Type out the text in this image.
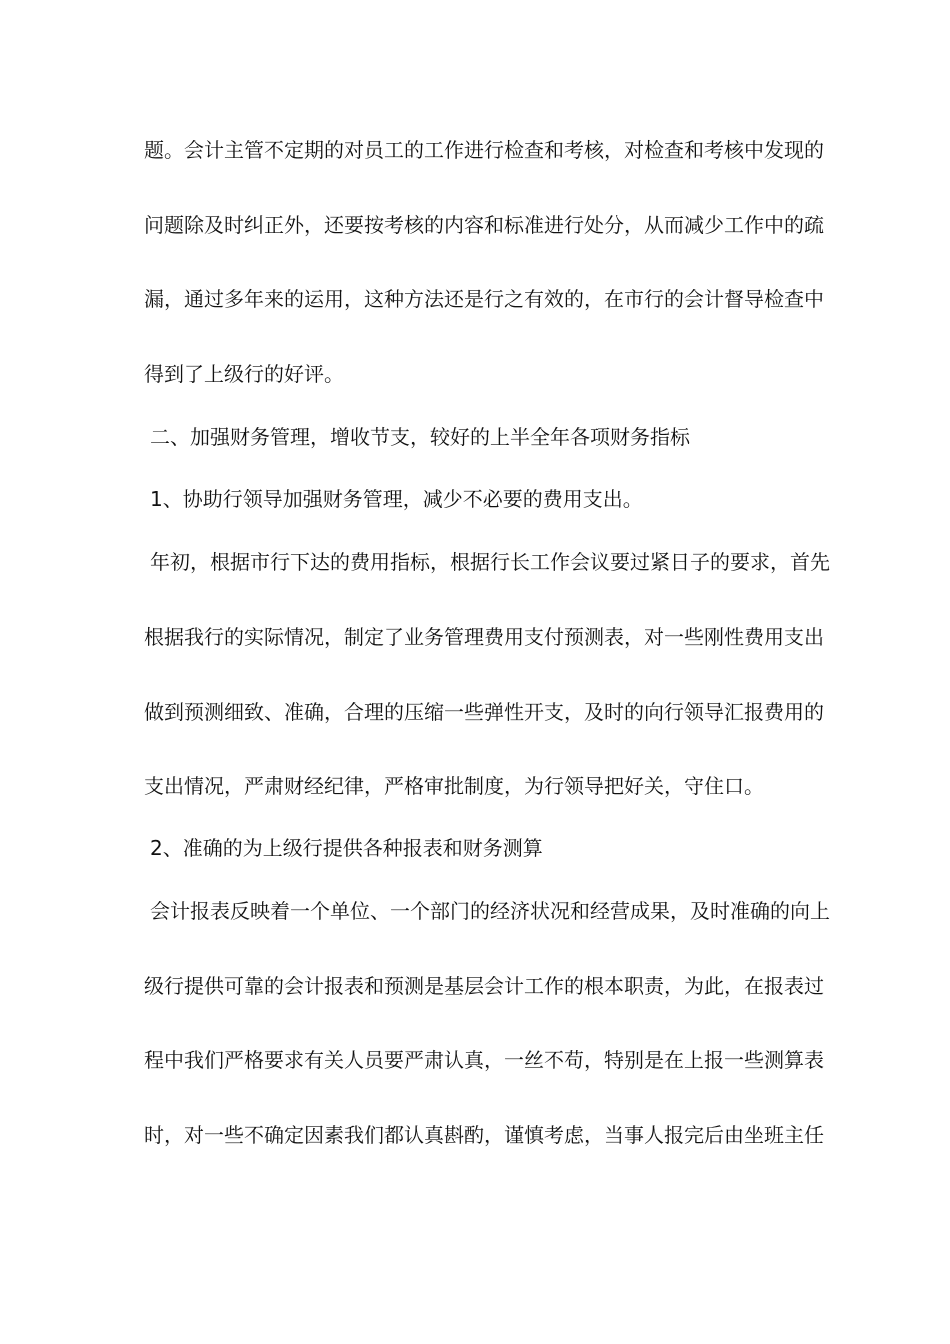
题。会计主管不定期的对员工的工作进行检查和考核，对检查和考核中发现的
问题除及时纠正外，还要按考核的内容和标准进行处分，从而减少工作中的疏
漏，通过多年来的运用，这种方法还是行之有效的，在市行的会计督导检查中
得到了上级行的好评。
二、加强财务管理，增收节支，较好的上半全年各项财务指标
1、协助行领导加强财务管理，减少不必要的费用支出。
年初，根据市行下达的费用指标，根据行长工作会议要过紧日子的要求，首先
根据我行的实际情况，制定了业务管理费用支付预测表，对一些刚性费用支出
做到预测细致、准确，合理的压缩一些弹性开支，及时的向行领导汇报费用的
支出情况，严肃财经纪律，严格审批制度，为行领导把好关，守住口。
2、准确的为上级行提供各种报表和财务测算
会计报表反映着一个单位、一个部门的经济状况和经营成果，及时准确的向上
级行提供可靠的会计报表和预测是基层会计工作的根本职责，为此，在报表过
程中我们严格要求有关人员要严肃认真，一丝不苟，特别是在上报一些测算表
时，对一些不确定因素我们都认真斟酌，谨慎考虑，当事人报完后由坐班主任
